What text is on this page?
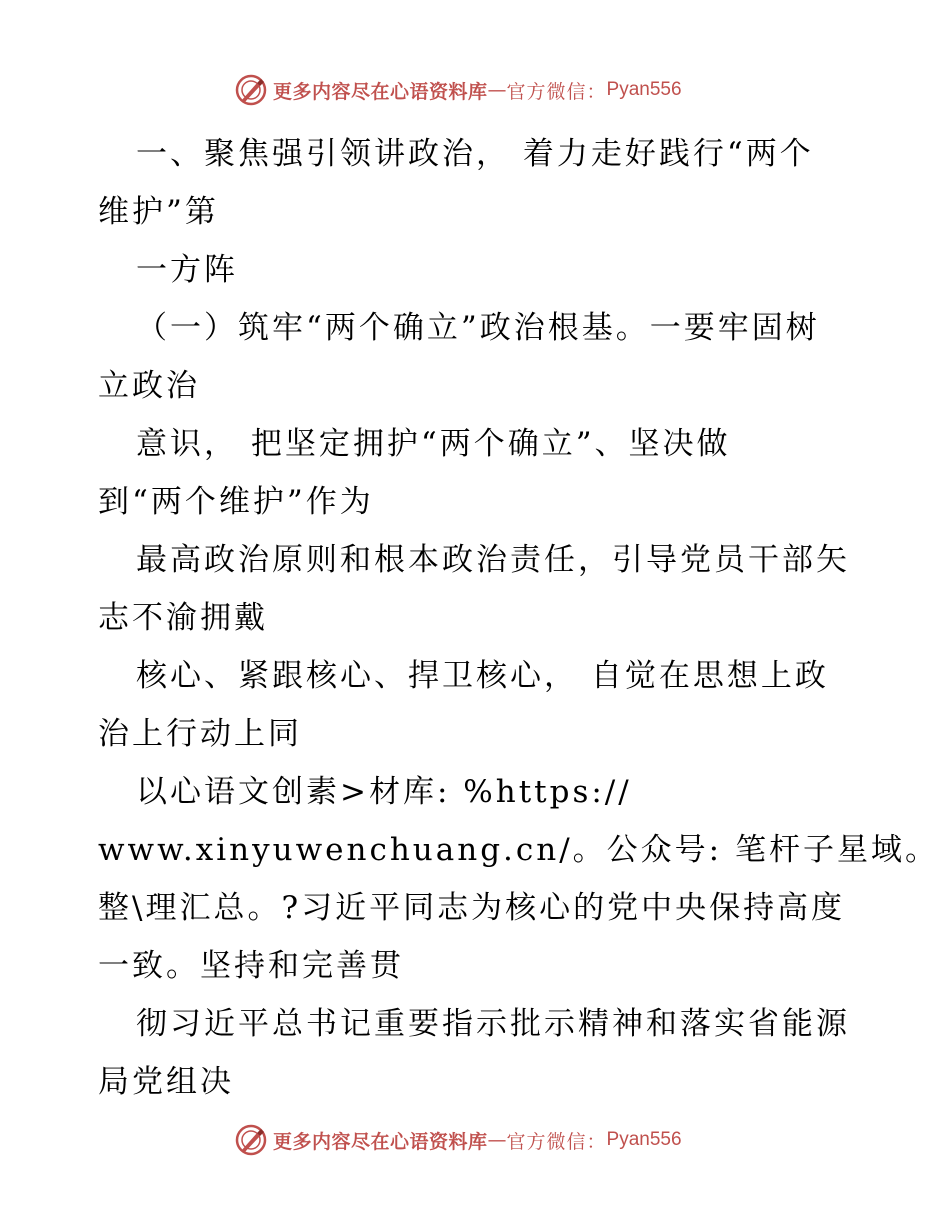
更多内容尽在心语资料库 — 官方微信： Pyan556
一、聚焦强引领讲政治， 着力走好践行“两个
维护”第
一方阵
（一）筑牢“两个确立”政治根基。一要牢固树
立政治
意识， 把坚定拥护“两个确立”、坚决做
到“两个维护”作为
最高政治原则和根本政治责任，引导党员干部矢
志不渝拥戴
核心、紧跟核心、捍卫核心， 自觉在思想上政
治上行动上同
以心语文创素>材库: %https://
www.xinyuwenchuang.cn/。公众号: 笔杆子星域。
整\理汇总。?习近平同志为核心的党中央保持高度
一致。坚持和完善贯
彻习近平总书记重要指示批示精神和落实省能源
局党组决
更多内容尽在心语资料库 — 官方微信： Pyan556
